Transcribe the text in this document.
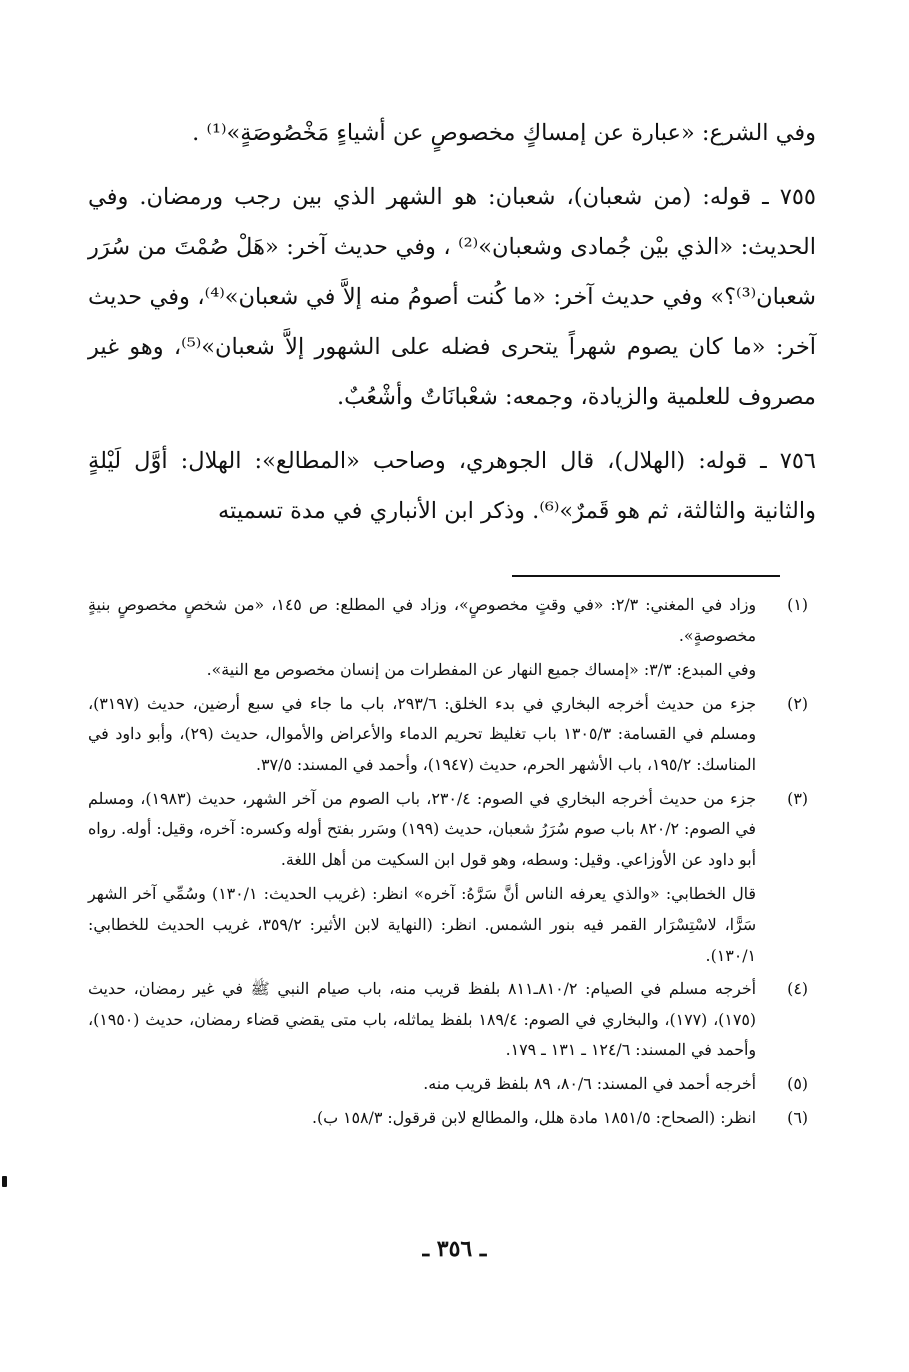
وفي الشرع: «عبارة عن إمساكٍ مخصوصٍ عن أشياءٍ مَخْصُوصَةٍ»⁽¹⁾ .

٧٥٥ ـ قوله: (من شعبان)، شعبان: هو الشهر الذي بين رجب ورمضان. وفي الحديث: «الذي بيْن جُمادى وشعبان»⁽²⁾ ، وفي حديث آخر: «هَلْ صُمْتَ من سُرَر شعبان⁽³⁾؟» وفي حديث آخر: «ما كُنت أصومُ منه إلاَّ في شعبان»⁽⁴⁾، وفي حديث آخر: «ما كان يصوم شهراً يتحرى فضله على الشهور إلاَّ شعبان»⁽⁵⁾، وهو غير مصروف للعلمية والزيادة، وجمعه: شعْبانَاتٌ وأشْعُبٌ.

٧٥٦ ـ قوله: (الهلال)، قال الجوهري، وصاحب «المطالع»: الهلال: أوَّل لَيْلةٍ والثانية والثالثة، ثم هو قَمرٌ»⁽⁶⁾. وذكر ابن الأنباري في مدة تسميته

(١)
وزاد في المغني: ٢/٣: «في وقتٍ مخصوصٍ»، وزاد في المطلع: ص ١٤٥، «من شخصٍ مخصوصٍ بنيةٍ مخصوصةٍ».
وفي المبدع: ٣/٣: «إمساك جميع النهار عن المفطرات من إنسان مخصوص مع النية».
(٢)
جزء من حديث أخرجه البخاري في بدء الخلق: ٢٩٣/٦، باب ما جاء في سبع أرضين، حديث (٣١٩٧)، ومسلم في القسامة: ١٣٠٥/٣ باب تغليظ تحريم الدماء والأعراض والأموال، حديث (٢٩)، وأبو داود في المناسك: ١٩٥/٢، باب الأشهر الحرم، حديث (١٩٤٧)، وأحمد في المسند: ٣٧/٥.
(٣)
جزء من حديث أخرجه البخاري في الصوم: ٢٣٠/٤، باب الصوم من آخر الشهر، حديث (١٩٨٣)، ومسلم في الصوم: ٨٢٠/٢ باب صوم سُرَرُ شعبان، حديث (١٩٩) وسَرر بفتح أوله وكسره: آخره، وقيل: أوله. رواه أبو داود عن الأوزاعي. وقيل: وسطه، وهو قول ابن السكيت من أهل اللغة.
قال الخطابي: «والذي يعرفه الناس أنَّ سَرَّهُ: آخره» انظر: (غريب الحديث: ١٣٠/١) وسُمِّي آخر الشهر سَرًّا، لاسْتِسْرَار القمر فيه بنور الشمس. انظر: (النهاية لابن الأثير: ٣٥٩/٢، غريب الحديث للخطابي: ١٣٠/١).
(٤)
أخرجه مسلم في الصيام: ٨١٠/٢ـ٨١١ بلفظ قريب منه، باب صيام النبي ﷺ في غير رمضان، حديث (١٧٥)، (١٧٧)، والبخاري في الصوم: ١٨٩/٤ بلفظ يماثله، باب متى يقضي قضاء رمضان، حديث (١٩٥٠)، وأحمد في المسند: ١٢٤/٦ ـ ١٣١ ـ ١٧٩.
(٥)
أخرجه أحمد في المسند: ٨٠/٦، ٨٩ بلفظ قريب منه.
(٦)
انظر: (الصحاح: ١٨٥١/٥ مادة هلل، والمطالع لابن قرقول: ١٥٨/٣ ب).
ـ ٣٥٦ ـ
